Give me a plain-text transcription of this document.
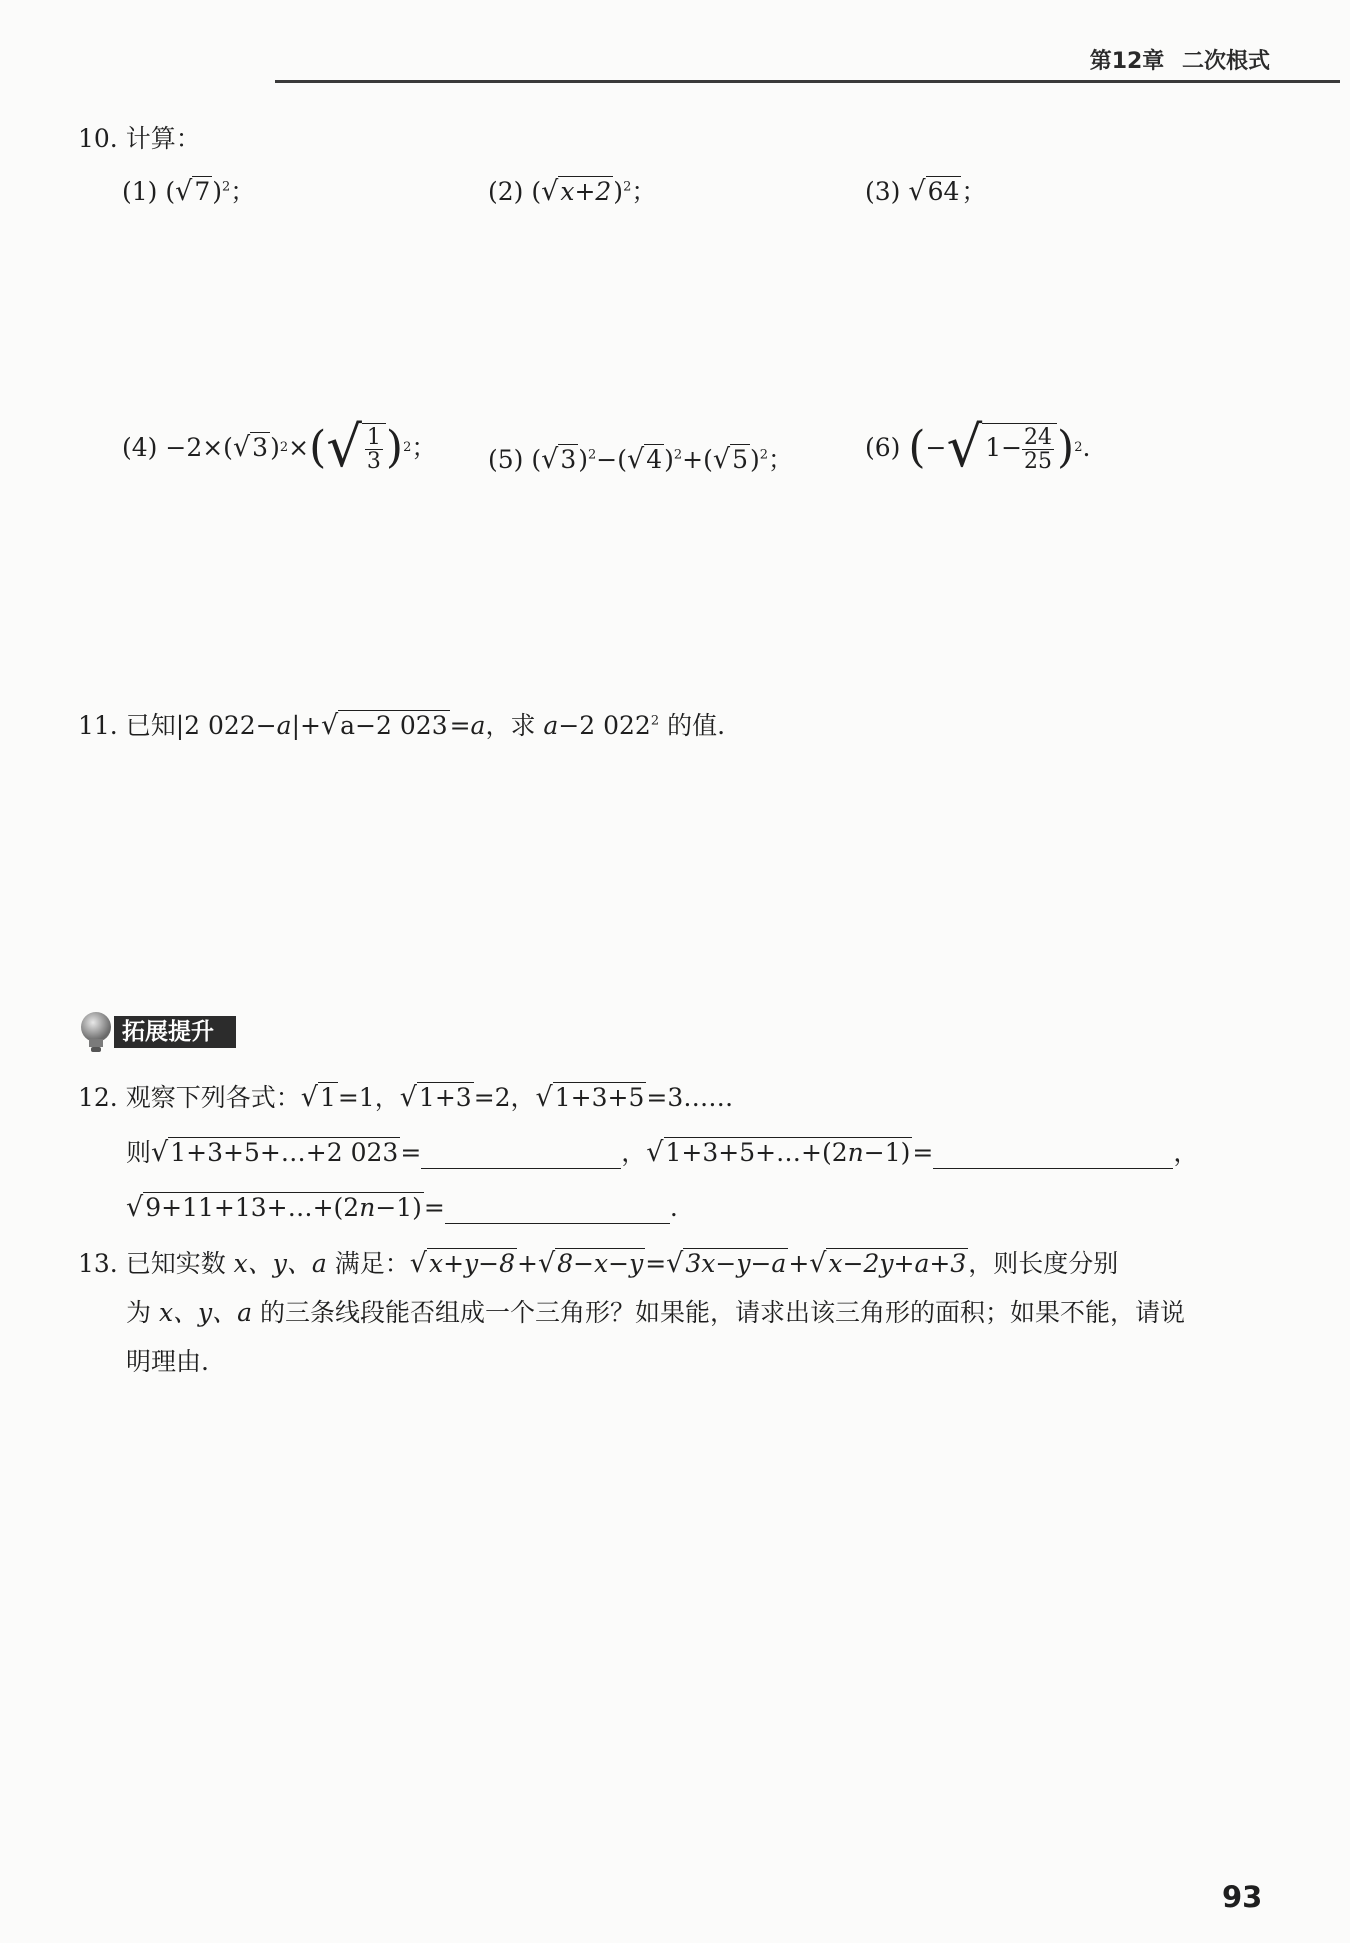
第12章 二次根式
10. 计算：
(1) $(√7)^2$；	(2) $(√x+2)^2$；	(3) √64；
(4)
−2×( √3 ) 2 × ( √ $\frac{1}{3}$ ) 2 ； (5) $(√3)^2-(√4)^2+(√5)^2$；	(6)
( − √ $1- \frac{24}{25}$ ) 2 .
11. 已知|2 022−a|+√a−2 023=a，求 a−2 $022^2$ 的值.
拓展提升
12. 观察下列各式：√1=1，√1+3=2，√1+3+5=3……
则√1+3+5+…+2 023=	，√1+3+5+…+(2n−1)=	，
√9+11+13+…+(2n−1)=	.
13. 已知实数 x、y、a 满足：√x+y−8+√8−x−y=√3x−y−a+√x−2y+a+3，则长度分别
为 x、y、a 的三条线段能否组成一个三角形？如果能，请求出该三角形的面积；如果不能，请说
明理由.
93
